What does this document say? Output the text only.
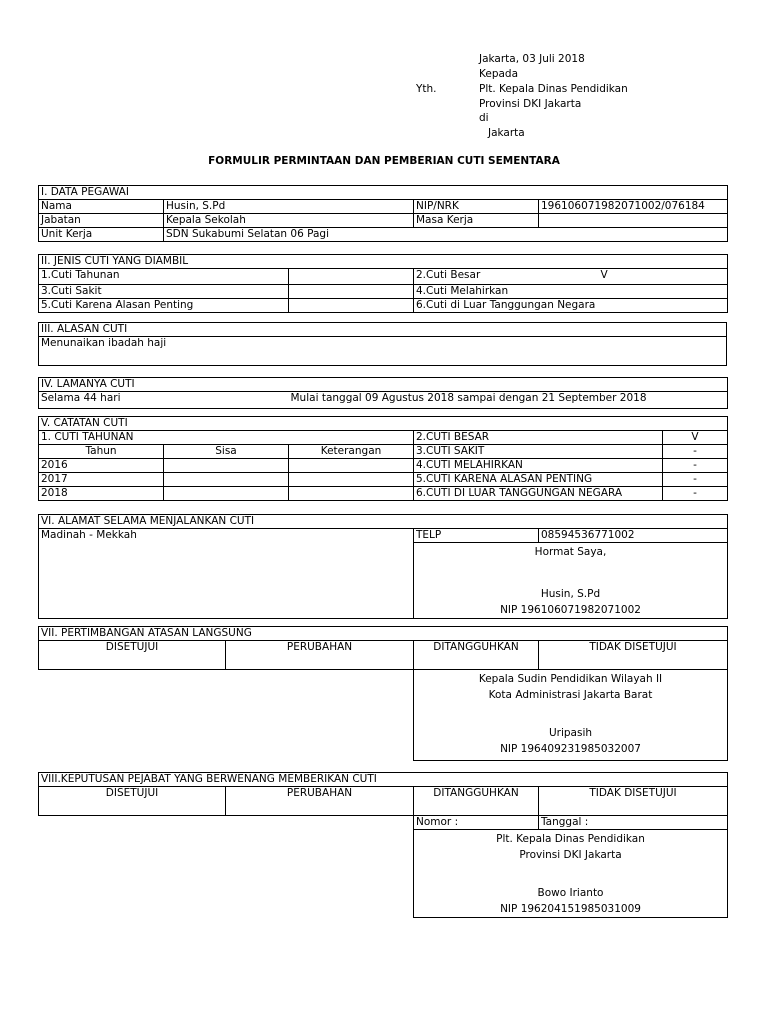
Jakarta, 03 Juli 2018
Kepada
Yth.	Plt. Kepala Dinas Pendidikan
Provinsi DKI Jakarta
di
Jakarta
FORMULIR PERMINTAAN DAN PEMBERIAN CUTI SEMENTARA
I. DATA PEGAWAI			
Nama	Husin, S.Pd	NIP/NRK	196106071982071002/076184
Jabatan	Kepala Sekolah	Masa Kerja	
Unit Kerja	SDN Sukabumi Selatan 06 Pagi		
II. JENIS CUTI YANG DIAMBIL			
1.Cuti Tahunan		2.Cuti Besar	V
3.Cuti Sakit		4.Cuti Melahirkan	
5.Cuti Karena Alasan Penting		6.Cuti di Luar Tanggungan Negara	
III. ALASAN CUTI
Menunaikan ibadah haji
IV. LAMANYA CUTI
Selama 44 hari	Mulai tanggal 09 Agustus 2018 sampai dengan 21 September 2018
V. CATATAN CUTI				
1. CUTI TAHUNAN			2.CUTI BESAR	V
Tahun	Sisa	Keterangan	3.CUTI SAKIT	-
2016			4.CUTI MELAHIRKAN	-
2017			5.CUTI KARENA ALASAN PENTING	-
2018			6.CUTI DI LUAR TANGGUNGAN NEGARA	-
VI. ALAMAT SELAMA MENJALANKAN CUTI
Madinah - Mekkah	TELP	08594536771002

Hormat Saya,
Husin, S.Pd
NIP 196106071982071002
VII. PERTIMBANGAN ATASAN LANGSUNG			
DISETUJUI	PERUBAHAN	DITANGGUHKAN	TIDAK DISETUJUI

		Kepala Sudin Pendidikan Wilayah II
Kota Administrasi Jakarta Barat
Uripasih
NIP 196409231985032007	
VIII.KEPUTUSAN PEJABAT YANG BERWENANG MEMBERIKAN CUTI			
DISETUJUI	PERUBAHAN	DITANGGUHKAN	TIDAK DISETUJUI
		Nomor :	Tanggal :

		Plt. Kepala Dinas Pendidikan
Provinsi DKI Jakarta
Bowo Irianto
NIP 196204151985031009	
